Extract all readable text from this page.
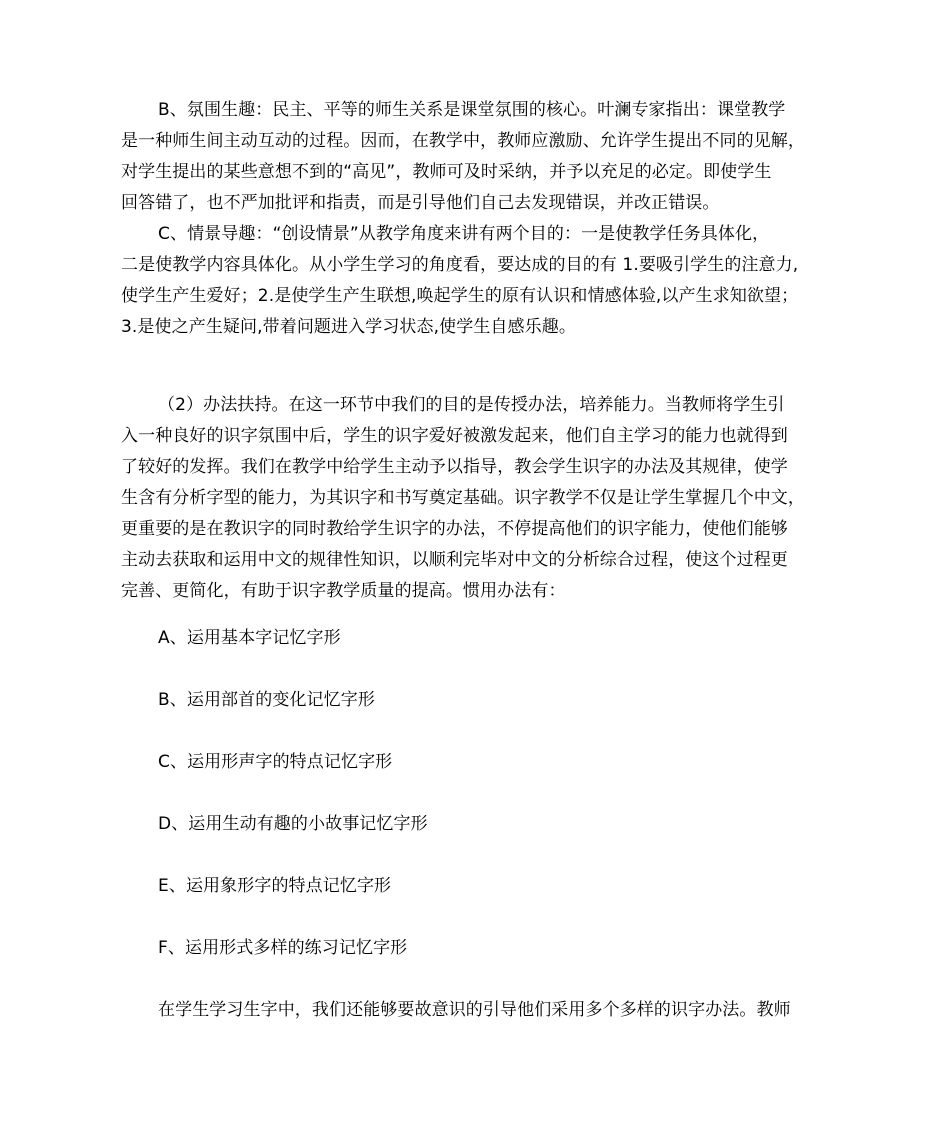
B、氛围生趣：民主、平等的师生关系是课堂氛围的核心。叶澜专家指出：课堂教学
是一种师生间主动互动的过程。因而，在教学中，教师应激励、允许学生提出不同的见解，
对学生提出的某些意想不到的“高见”，教师可及时采纳，并予以充足的必定。即使学生
回答错了，也不严加批评和指责，而是引导他们自己去发现错误，并改正错误。
C、情景导趣：“创设情景”从教学角度来讲有两个目的：一是使教学任务具体化，
二是使教学内容具体化。从小学生学习的角度看，要达成的目的有 1.要吸引学生的注意力,
使学生产生爱好；2.是使学生产生联想,唤起学生的原有认识和情感体验,以产生求知欲望；
3.是使之产生疑问,带着问题进入学习状态,使学生自感乐趣。
（2）办法扶持。在这一环节中我们的目的是传授办法，培养能力。当教师将学生引
入一种良好的识字氛围中后，学生的识字爱好被激发起来，他们自主学习的能力也就得到
了较好的发挥。我们在教学中给学生主动予以指导，教会学生识字的办法及其规律，使学
生含有分析字型的能力，为其识字和书写奠定基础。识字教学不仅是让学生掌握几个中文，
更重要的是在教识字的同时教给学生识字的办法，不停提高他们的识字能力，使他们能够
主动去获取和运用中文的规律性知识，以顺利完毕对中文的分析综合过程，使这个过程更
完善、更简化，有助于识字教学质量的提高。惯用办法有：
A、运用基本字记忆字形
B、运用部首的变化记忆字形
C、运用形声字的特点记忆字形
D、运用生动有趣的小故事记忆字形
E、运用象形字的特点记忆字形
F、运用形式多样的练习记忆字形
在学生学习生字中，我们还能够要故意识的引导他们采用多个多样的识字办法。教师
